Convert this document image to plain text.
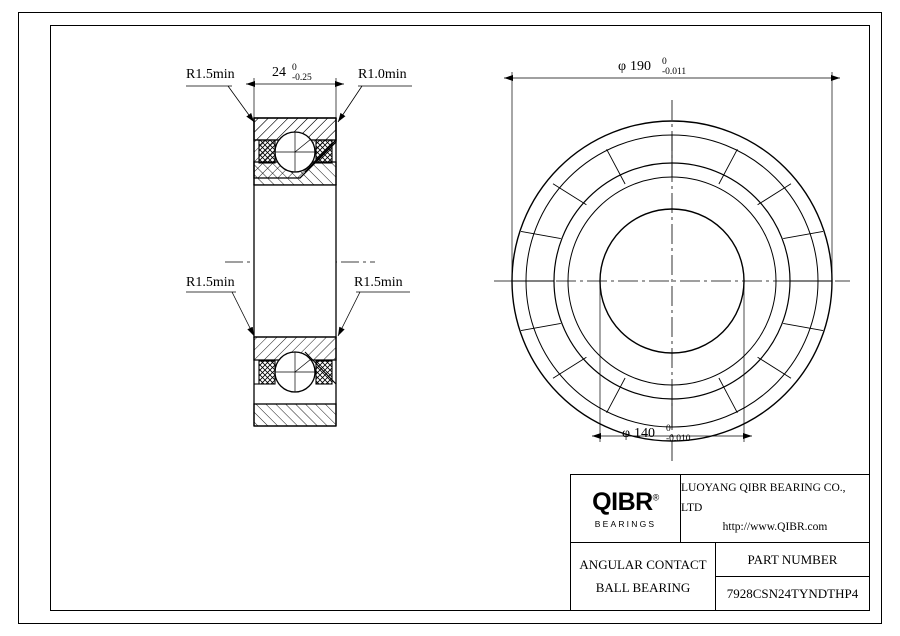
R1.5min	R1.0min
R1.5min	R1.5min
24 0
-0.25
φ 190 0
-0.011
φ 140 0
-0.010
QIBR®
BEARINGS
LUOYANG QIBR BEARING CO., LTD
http://www.QIBR.com
ANGULAR CONTACT
BALL BEARING
PART NUMBER
7928CSN24TYNDTHP4
